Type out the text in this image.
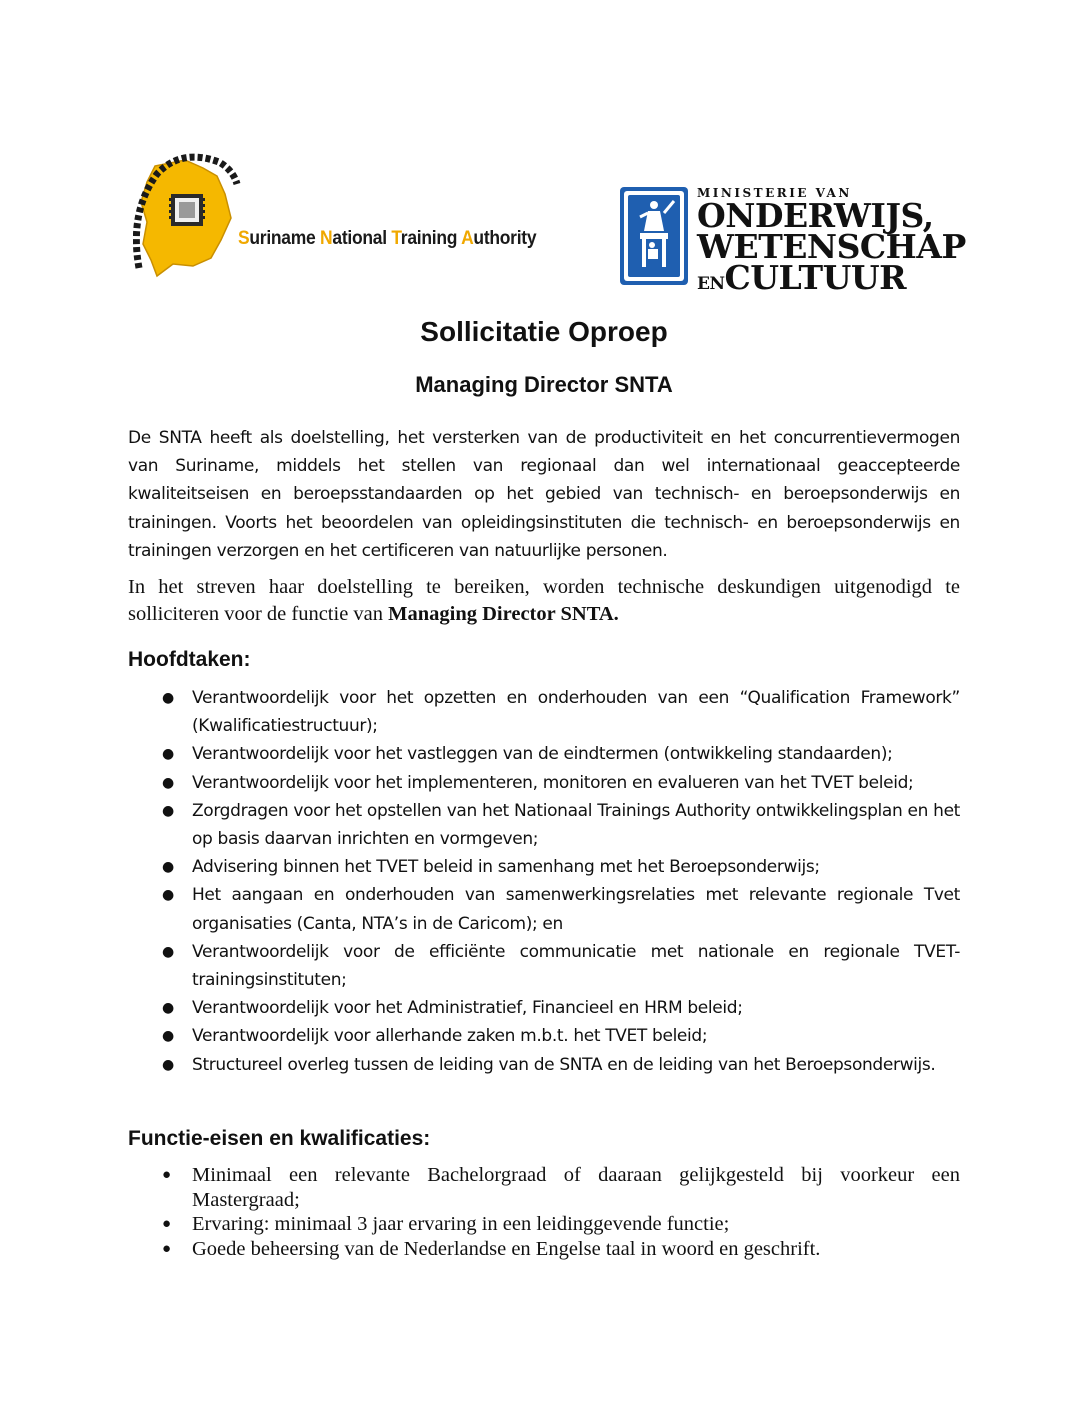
Suriname National Training Authority
MINISTERIE VAN
ONDERWIJS,
WETENSCHAP
ENCULTUUR
Sollicitatie Oproep
Managing Director SNTA
De SNTA heeft als doelstelling, het versterken van de productiviteit en het concurrentievermogen van Suriname, middels het stellen van regionaal dan wel internationaal geaccepteerde kwaliteitseisen en beroepsstandaarden op het gebied van technisch- en beroepsonderwijs en trainingen. Voorts het beoordelen van opleidingsinstituten die technisch- en beroepsonderwijs en trainingen verzorgen en het certificeren van natuurlijke personen.
In het streven haar doelstelling te bereiken, worden technische deskundigen uitgenodigd te solliciteren voor de functie van Managing Director SNTA.
Hoofdtaken:
● Verantwoordelijk voor het opzetten en onderhouden van een “Qualification Framework” (Kwalificatiestructuur);
● Verantwoordelijk voor het vastleggen van de eindtermen (ontwikkeling standaarden);
● Verantwoordelijk voor het implementeren, monitoren en evalueren van het TVET beleid;
● Zorgdragen voor het opstellen van het Nationaal Trainings Authority ontwikkelingsplan en het op basis daarvan inrichten en vormgeven;
● Advisering binnen het TVET beleid in samenhang met het Beroepsonderwijs;
● Het aangaan en onderhouden van samenwerkingsrelaties met relevante regionale Tvet organisaties (Canta, NTA’s in de Caricom); en
● Verantwoordelijk voor de efficiënte communicatie met nationale en regionale TVET-trainingsinstituten;
● Verantwoordelijk voor het Administratief, Financieel en HRM beleid;
● Verantwoordelijk voor allerhande zaken m.b.t. het TVET beleid;
● Structureel overleg tussen de leiding van de SNTA en de leiding van het Beroepsonderwijs.
Functie-eisen en kwalificaties:
● Minimaal een relevante Bachelorgraad of daaraan gelijkgesteld bij voorkeur een Mastergraad;
● Ervaring: minimaal 3 jaar ervaring in een leidinggevende functie;
● Goede beheersing van de Nederlandse en Engelse taal in woord en geschrift.
